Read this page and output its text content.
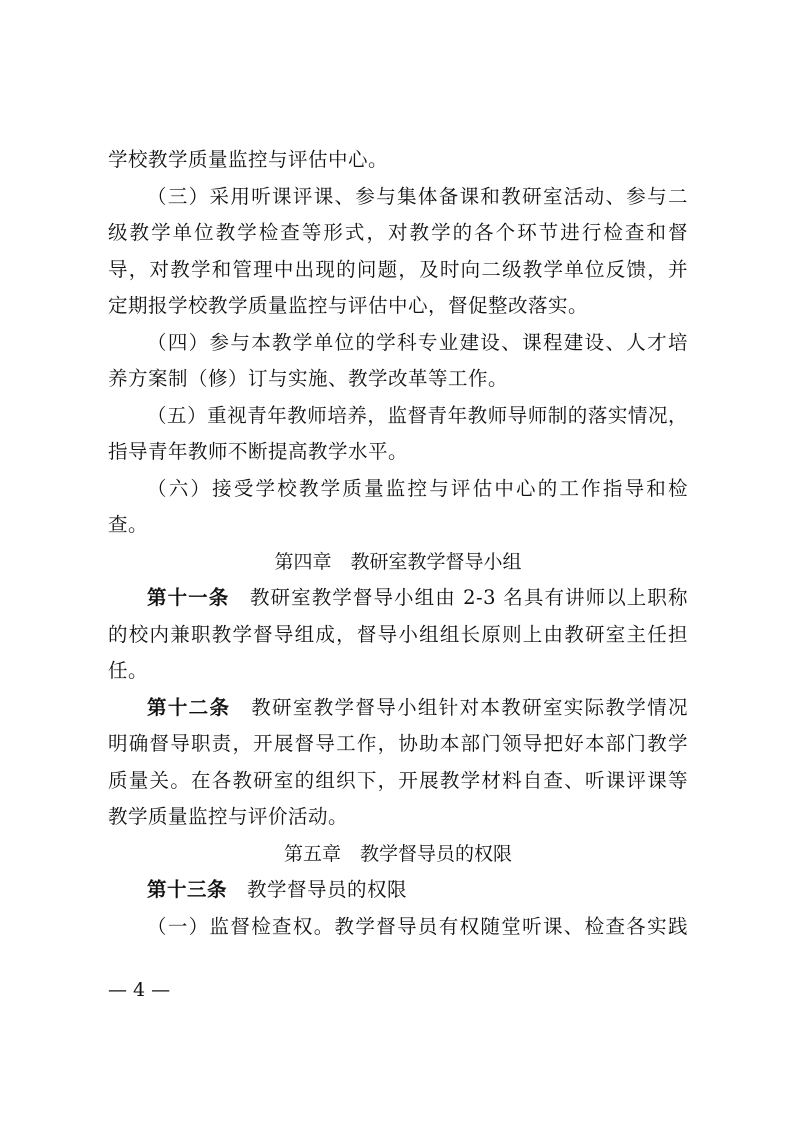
学校教学质量监控与评估中心。
（三）采用听课评课、参与集体备课和教研室活动、参与二
级教学单位教学检查等形式，对教学的各个环节进行检查和督
导，对教学和管理中出现的问题，及时向二级教学单位反馈，并
定期报学校教学质量监控与评估中心，督促整改落实。
（四）参与本教学单位的学科专业建设、课程建设、人才培
养方案制（修）订与实施、教学改革等工作。
（五）重视青年教师培养，监督青年教师导师制的落实情况，
指导青年教师不断提高教学水平。
（六）接受学校教学质量监控与评估中心的工作指导和检
查。
第四章　教研室教学督导小组
第十一条　教研室教学督导小组由 2-3 名具有讲师以上职称
的校内兼职教学督导组成，督导小组组长原则上由教研室主任担
任。
第十二条　教研室教学督导小组针对本教研室实际教学情况
明确督导职责，开展督导工作，协助本部门领导把好本部门教学
质量关。在各教研室的组织下，开展教学材料自查、听课评课等
教学质量监控与评价活动。
第五章　教学督导员的权限
第十三条　教学督导员的权限
（一）监督检查权。教学督导员有权随堂听课、检查各实践
— 4 —
